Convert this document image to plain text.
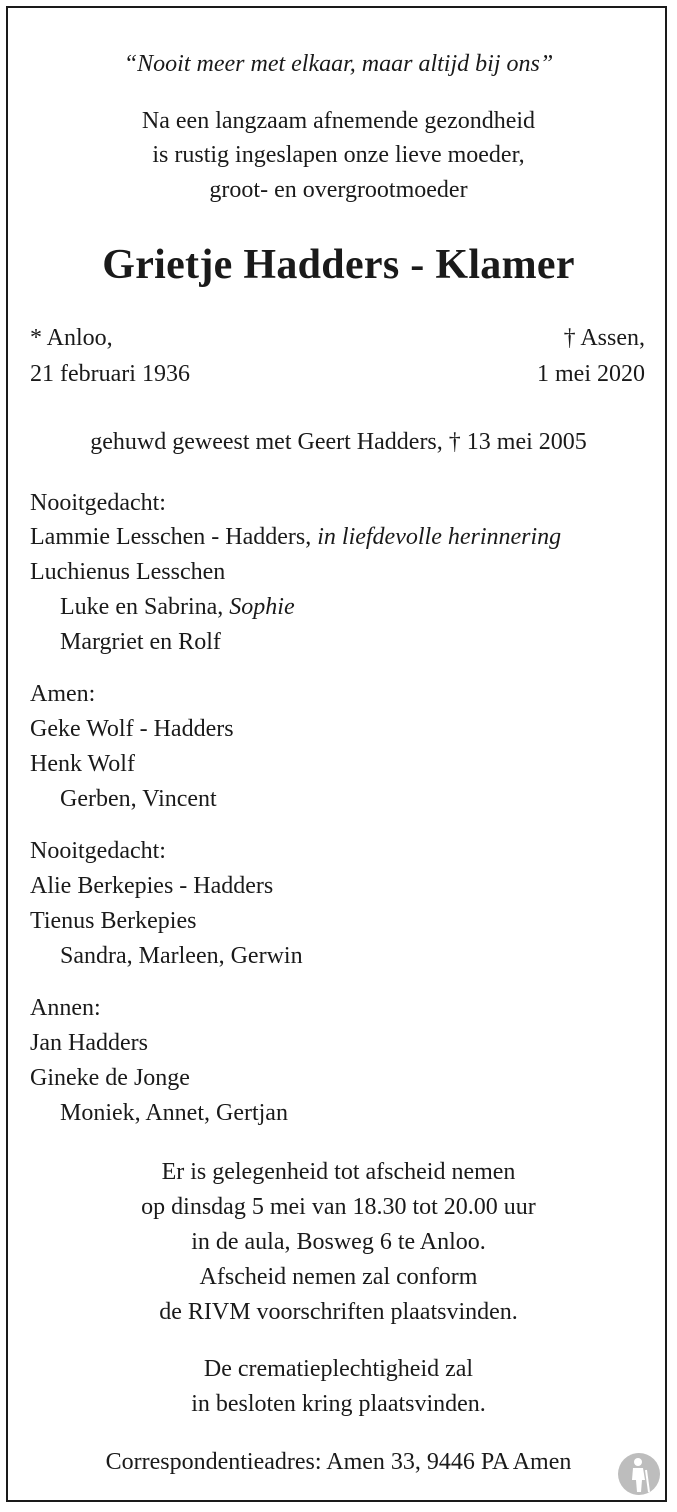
“Nooit meer met elkaar, maar altijd bij ons”
Na een langzaam afnemende gezondheid
is rustig ingeslapen onze lieve moeder,
groot- en overgrootmoeder
Grietje Hadders - Klamer
* Anloo,
21 februari 1936
† Assen,
1 mei 2020
gehuwd geweest met Geert Hadders, † 13 mei 2005
Nooitgedacht:
Lammie Lesschen - Hadders, in liefdevolle herinnering
Luchienus Lesschen
Luke en Sabrina, Sophie
Margriet en Rolf
Amen:
Geke Wolf - Hadders
Henk Wolf
Gerben, Vincent
Nooitgedacht:
Alie Berkepies - Hadders
Tienus Berkepies
Sandra, Marleen, Gerwin
Annen:
Jan Hadders
Gineke de Jonge
Moniek, Annet, Gertjan
Er is gelegenheid tot afscheid nemen
op dinsdag 5 mei van 18.30 tot 20.00 uur
in de aula, Bosweg 6 te Anloo.
Afscheid nemen zal conform
de RIVM voorschriften plaatsvinden.
De crematieplechtigheid zal
in besloten kring plaatsvinden.
Correspondentieadres: Amen 33, 9446 PA Amen
